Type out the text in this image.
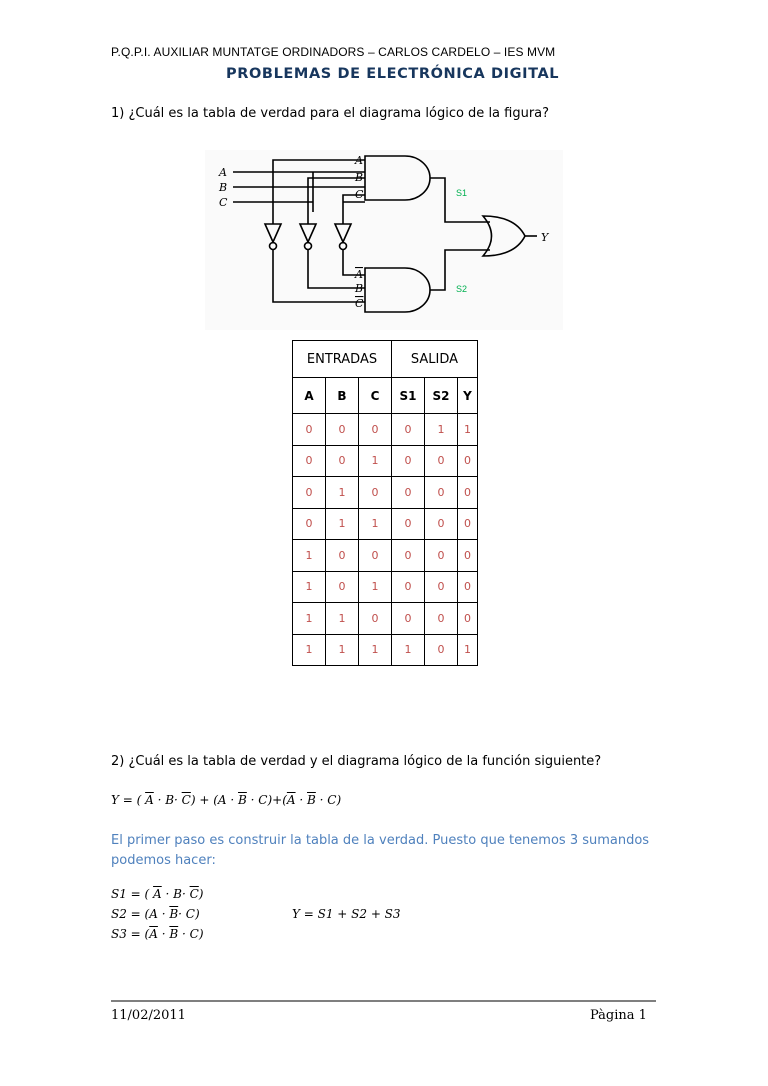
P.Q.P.I. AUXILIAR MUNTATGE ORDINADORS – CARLOS CARDELO – IES MVM
PROBLEMAS DE ELECTRÓNICA DIGITAL
1) ¿Cuál es la tabla de verdad para el diagrama lógico de la figura?
A
B
C
A
B
C
A
B
C
Y
S1
S2
ENTRADAS			SALIDA		
A	B	C	S1	S2	Y
0	0	0	0	1	1
0	0	1	0	0	0
0	1	0	0	0	0
0	1	1	0	0	0
1	0	0	0	0	0
1	0	1	0	0	0
1	1	0	0	0	0
1	1	1	1	0	1
2) ¿Cuál es la tabla de verdad y el diagrama lógico de la función siguiente?
Y = ( $\overline{A} \cdot B\cdot \overline{C}) + (A \cdot \overline{B} \cdot C)+(\overline{A} \cdot \overline{B} \cdot C)$
El primer paso es construir la tabla de la verdad. Puesto que tenemos 3 sumandos
podemos hacer:
S1 = ( $\overline{A} \cdot B\cdot \overline{C}$)
$S2 = (A \cdot \overline{B}\cdot C)$
$S3 = (\overline{A} \cdot \overline{B} \cdot C)$
Y = S1 + S2 + S3
11/02/2011	Pàgina 1
